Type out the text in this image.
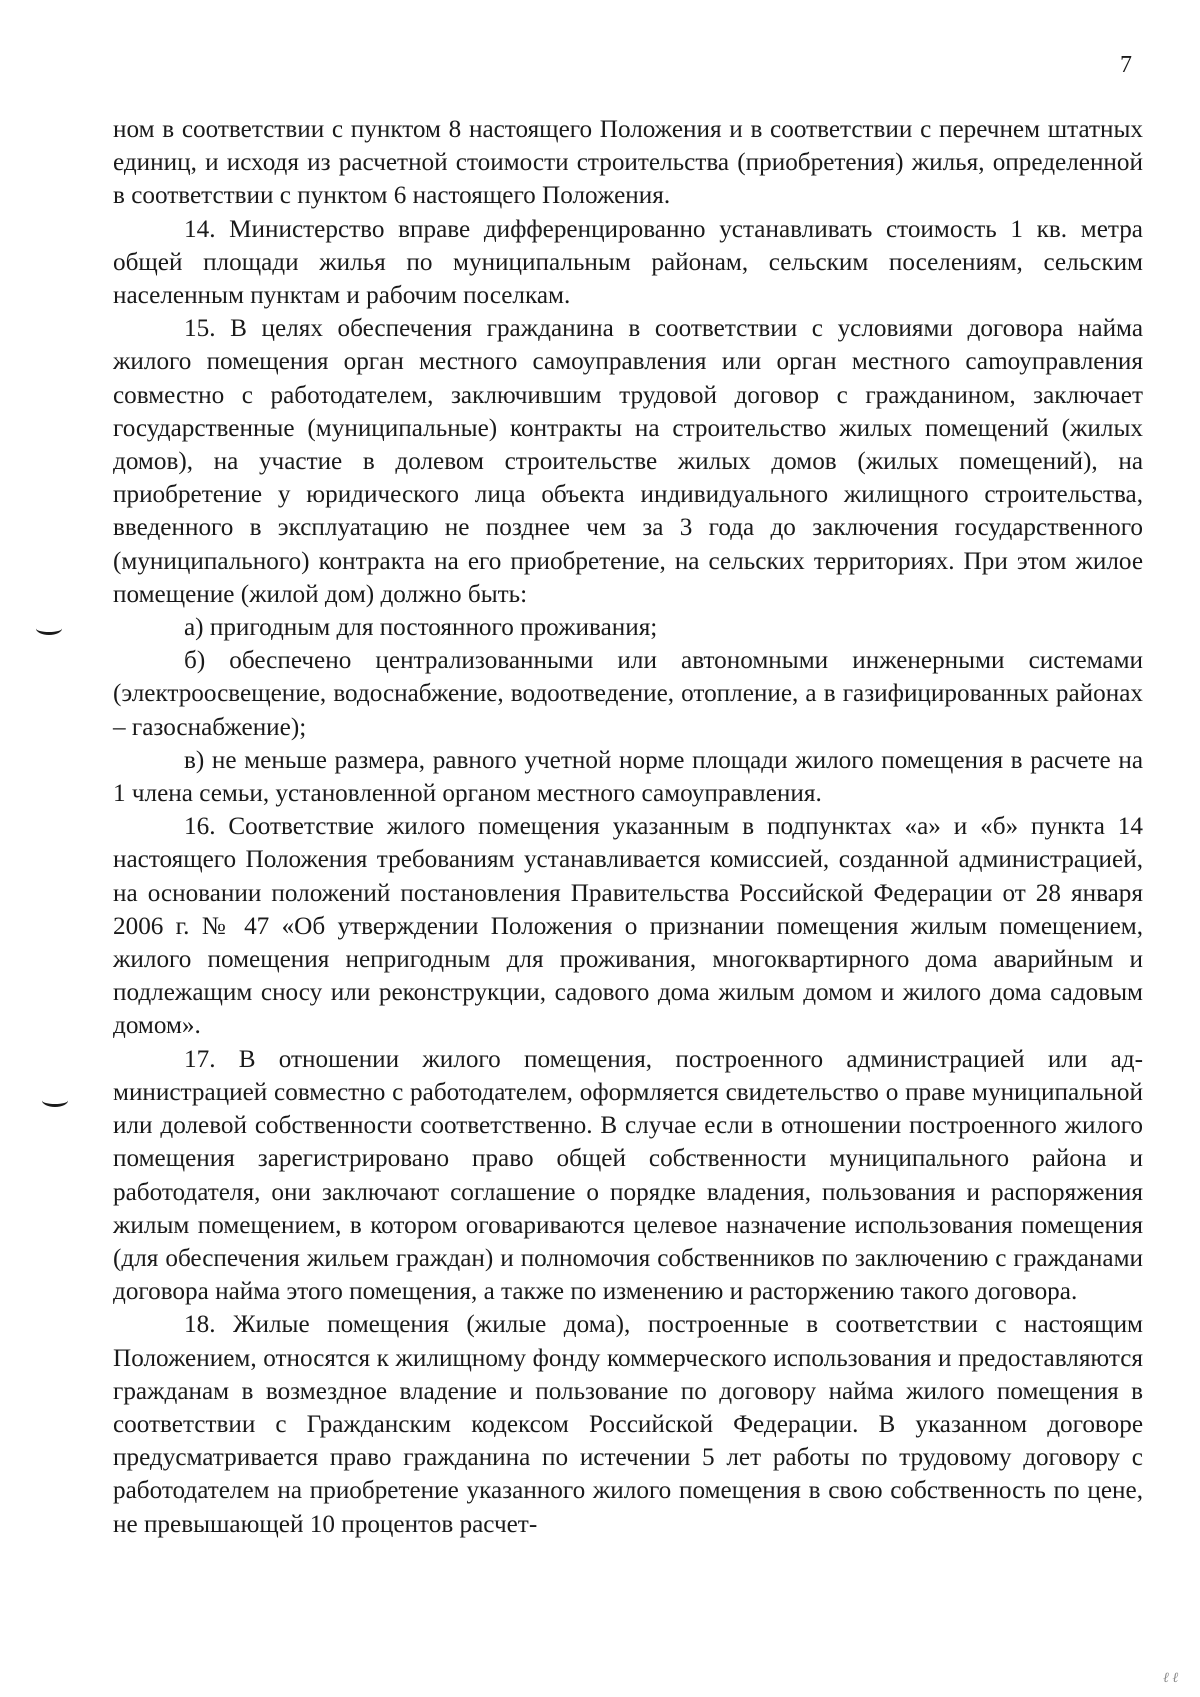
7

ном в соответствии с пунктом 8 настоящего Положения и в соответствии с перечнем штатных единиц, и исходя из расчетной стоимости строительства (приобретения) жилья, определенной в соответствии с пунктом 6 настоящего Положения.

14. Министерство вправе дифференцированно устанавливать стоимость 1 кв. метра общей площади жилья по муниципальным районам, сельским поселениям, сельским населенным пунктам и рабочим поселкам.

15. В целях обеспечения гражданина в соответствии с условиями договора найма жилого помещения орган местного самоуправления или орган местного саmоуправления совместно с работодателем, заключившим трудовой договор с гражданином, заключает государственные (муниципальные) контракты на строительство жилых помещений (жилых домов), на участие в долевом строительстве жилых домов (жилых помещений), на приобретение у юридического лица объекта индивидуального жилищного строительства, введенного в эксплуатацию не позднее чем за 3 года до заключения государственного (муниципального) контракта на его приобретение, на сельских территориях. При этом жилое помещение (жилой дом) должно быть:

а) пригодным для постоянного проживания;

б) обеспечено централизованными или автономными инженерными системами (электроосвещение, водоснабжение, водоотведение, отопление, а в газифицированных районах – газоснабжение);

в) не меньше размера, равного учетной норме площади жилого помещения в расчете на 1 члена семьи, установленной органом местного самоуправления.

16. Соответствие жилого помещения указанным в подпунктах «а» и «б» пункта 14 настоящего Положения требованиям устанавливается комиссией, созданной администрацией, на основании положений постановления Правительства Российской Федерации от 28 января 2006 г. № 47 «Об утверждении Положения о признании помещения жилым помещением, жилого помещения непригодным для проживания, многоквартирного дома аварийным и подлежащим сносу или реконструкции, садового дома жилым домом и жилого дома садовым домом».

17. В отношении жилого помещения, построенного администрацией или администрацией совместно с работодателем, оформляется свидетельство о праве муниципальной или долевой собственности соответственно. В случае если в отношении построенного жилого помещения зарегистрировано право общей собственности муниципального района и работодателя, они заключают соглашение о порядке владения, пользования и распоряжения жилым помещением, в котором оговариваются целевое назначение использования помещения (для обеспечения жильем граждан) и полномочия собственников по заключению с гражданами договора найма этого помещения, а также по изменению и расторжению такого договора.

18. Жилые помещения (жилые дома), построенные в соответствии с настоящим Положением, относятся к жилищному фонду коммерческого использования и предоставляются гражданам в возмездное владение и пользование по договору найма жилого помещения в соответствии с Гражданским кодексом Российской Федерации. В указанном договоре предусматривается право гражданина по истечении 5 лет работы по трудовому договору с работодателем на приобретение указанного жилого помещения в свою собственность по цене, не превышающей 10 процентов расчет-

ℓ ℓ
